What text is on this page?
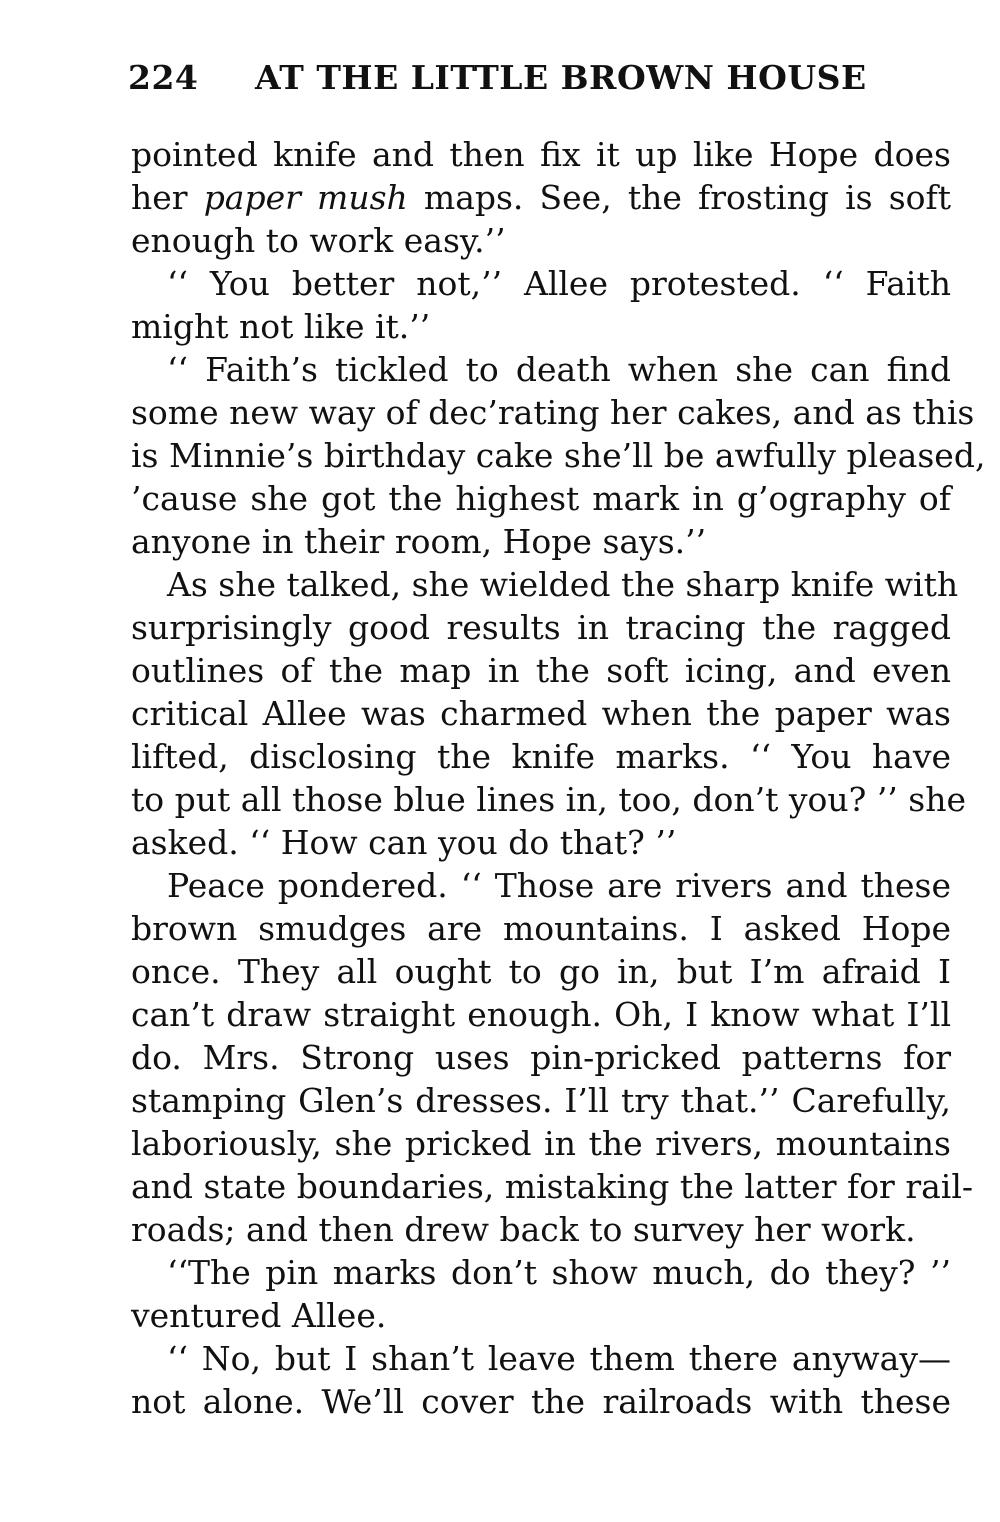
224 AT THE LITTLE BROWN HOUSE
pointed knife and then fix it up like Hope does
her paper mush maps. See, the frosting is soft
enough to work easy.’’
‘‘ You better not,’’ Allee protested. ‘‘ Faith
might not like it.’’
‘‘ Faith’s tickled to death when she can find
some new way of dec’rating her cakes, and as this
is Minnie’s birthday cake she’ll be awfully pleased,
’cause she got the highest mark in g’ography of
anyone in their room, Hope says.’’
As she talked, she wielded the sharp knife with
surprisingly good results in tracing the ragged
outlines of the map in the soft icing, and even
critical Allee was charmed when the paper was
lifted, disclosing the knife marks. ‘‘ You have
to put all those blue lines in, too, don’t you? ’’ she
asked. ‘‘ How can you do that? ’’
Peace pondered. ‘‘ Those are rivers and these
brown smudges are mountains. I asked Hope
once. They all ought to go in, but I’m afraid I
can’t draw straight enough. Oh, I know what I’ll
do. Mrs. Strong uses pin-pricked patterns for
stamping Glen’s dresses. I’ll try that.’’ Carefully,
laboriously, she pricked in the rivers, mountains
and state boundaries, mistaking the latter for rail-
roads; and then drew back to survey her work.
‘‘The pin marks don’t show much, do they? ’’
ventured Allee.
‘‘ No, but I shan’t leave them there anyway—
not alone. We’ll cover the railroads with these
